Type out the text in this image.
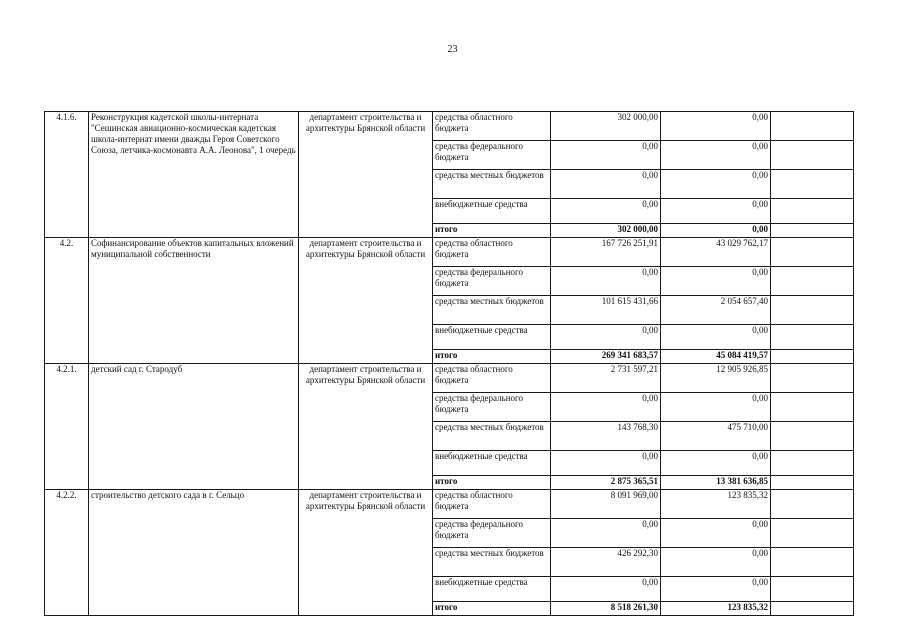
23
4.1.6.	Реконструкция кадетской школы-интерната "Сешинская авиационно-космическая кадетская школа-интернат имени дважды Героя Советского Союза, летчика-космонавта А.А. Леонова", 1 очередь	департамент строительства и архитектуры Брянской области	средства областного бюджета	302 000,00	0,00	
			средства федерального бюджета	0,00	0,00	
			средства местных бюджетов	0,00	0,00	
			внебюджетные средства	0,00	0,00	
			итого	302 000,00	0,00	
4.2.	Софинансирование объектов капитальных вложений муниципальной собственности	департамент строительства и архитектуры Брянской области	средства областного бюджета	167 726 251,91	43 029 762,17	
			средства федерального бюджета	0,00	0,00	
			средства местных бюджетов	101 615 431,66	2 054 657,40	
			внебюджетные средства	0,00	0,00	
			итого	269 341 683,57	45 084 419,57	
4.2.1.	детский сад г. Стародуб	департамент строительства и архитектуры Брянской области	средства областного бюджета	2 731 597,21	12 905 926,85	
			средства федерального бюджета	0,00	0,00	
			средства местных бюджетов	143 768,30	475 710,00	
			внебюджетные средства	0,00	0,00	
			итого	2 875 365,51	13 381 636,85	
4.2.2.	строительство детского сада в г. Сельцо	департамент строительства и архитектуры Брянской области	средства областного бюджета	8 091 969,00	123 835,32	
			средства федерального бюджета	0,00	0,00	
			средства местных бюджетов	426 292,30	0,00	
			внебюджетные средства	0,00	0,00	
			итого	8 518 261,30	123 835,32	
